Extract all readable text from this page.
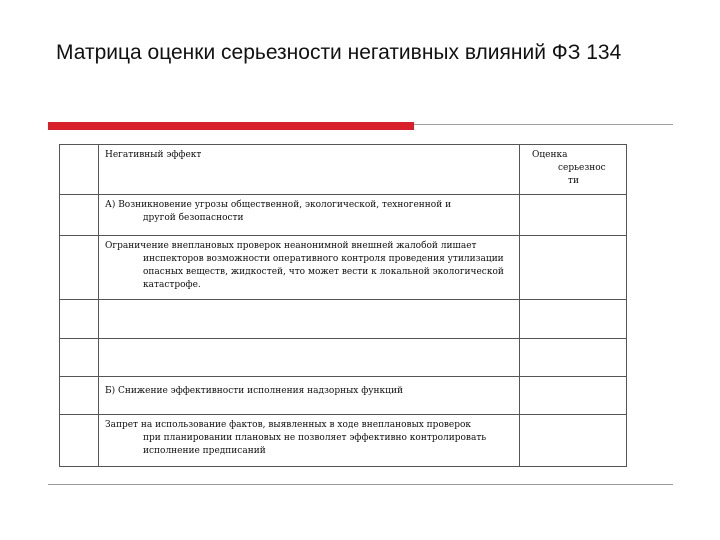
Матрица оценки серьезности негативных влияний ФЗ 134

	Негативный эффект	Оценка
серьезнос
ти

	А) Возникновение угрозы общественной, экологической, техногенной и
другой безопасности	

	Ограничение внеплановых проверок неанонимной внешней жалобой лишает
инспекторов возможности оперативного контроля проведения утилизации опасных веществ, жидкостей, что может вести к локальной экологической катастрофе.	

	Б) Снижение эффективности исполнения надзорных функций	

	Запрет на использование фактов, выявленных в ходе внеплановых проверок
при планировании плановых не позволяет эффективно контролировать исполнение предписаний	
